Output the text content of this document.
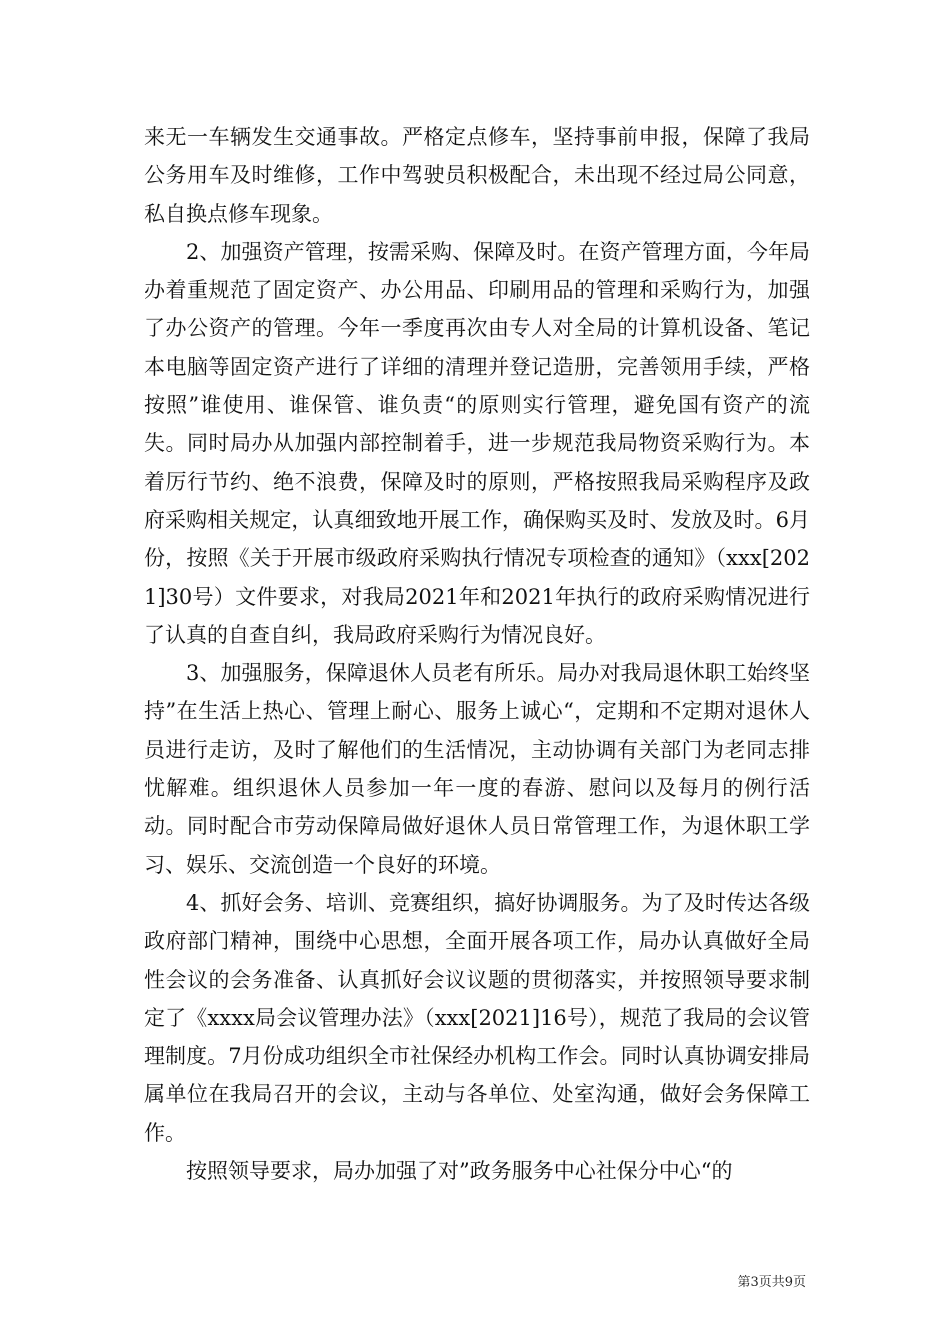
来无一车辆发生交通事故。严格定点修车，坚持事前申报，保障了我局公务用车及时维修，工作中驾驶员积极配合，未出现不经过局公同意，私自换点修车现象。

2、加强资产管理，按需采购、保障及时。在资产管理方面，今年局办着重规范了固定资产、办公用品、印刷用品的管理和采购行为，加强了办公资产的管理。今年一季度再次由专人对全局的计算机设备、笔记本电脑等固定资产进行了详细的清理并登记造册，完善领用手续，严格按照”谁使用、谁保管、谁负责“的原则实行管理，避免国有资产的流失。同时局办从加强内部控制着手，进一步规范我局物资采购行为。本着厉行节约、绝不浪费，保障及时的原则，严格按照我局采购程序及政府采购相关规定，认真细致地开展工作，确保购买及时、发放及时。6月份，按照《关于开展市级政府采购执行情况专项检查的通知》（xxx[2021]30号）文件要求，对我局2021年和2021年执行的政府采购情况进行了认真的自查自纠，我局政府采购行为情况良好。

3、加强服务，保障退休人员老有所乐。局办对我局退休职工始终坚持”在生活上热心、管理上耐心、服务上诚心“，定期和不定期对退休人员进行走访，及时了解他们的生活情况，主动协调有关部门为老同志排忧解难。组织退休人员参加一年一度的春游、慰问以及每月的例行活动。同时配合市劳动保障局做好退休人员日常管理工作，为退休职工学习、娱乐、交流创造一个良好的环境。

4、抓好会务、培训、竞赛组织，搞好协调服务。为了及时传达各级政府部门精神，围绕中心思想，全面开展各项工作，局办认真做好全局性会议的会务准备、认真抓好会议议题的贯彻落实，并按照领导要求制定了《xxxx局会议管理办法》（xxx[2021]16号），规范了我局的会议管理制度。7月份成功组织全市社保经办机构工作会。同时认真协调安排局属单位在我局召开的会议，主动与各单位、处室沟通，做好会务保障工作。

按照领导要求，局办加强了对”政务服务中心社保分中心“的

第3页共9页
